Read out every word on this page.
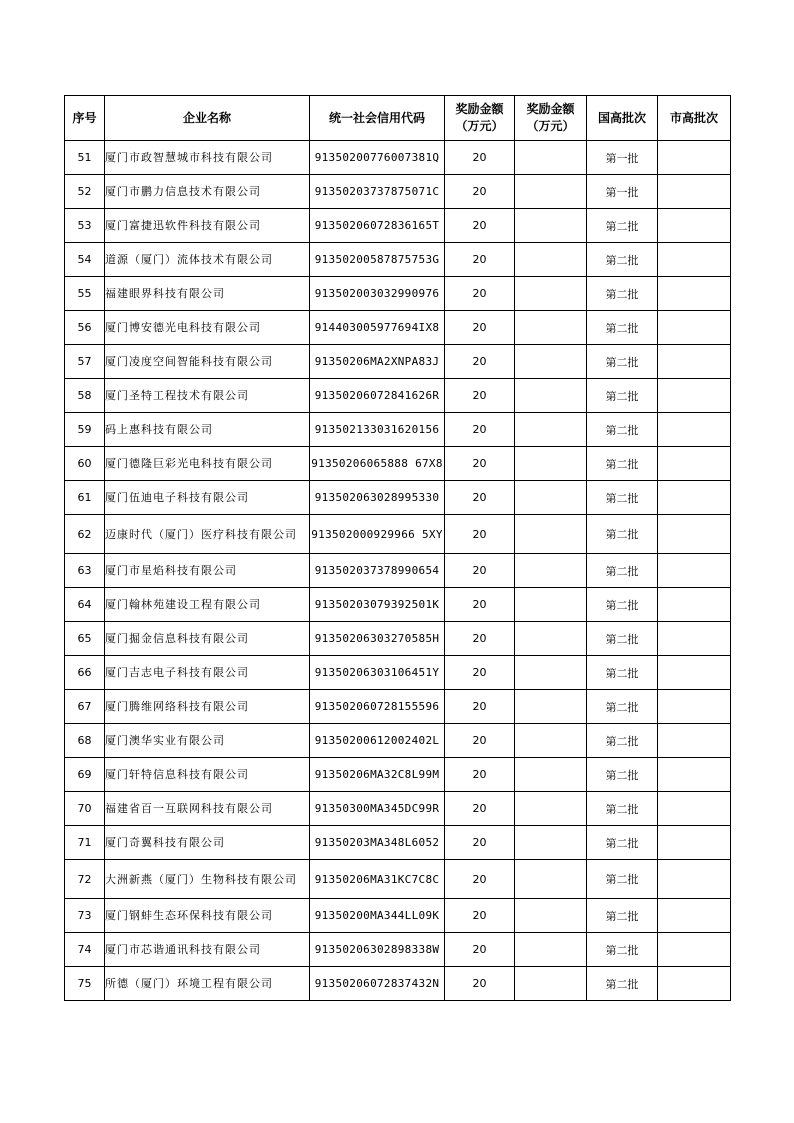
序号	企业名称	统一社会信用代码	奖励金额（万元）	奖励金额（万元）	国高批次	市高批次
51	厦门市政智慧城市科技有限公司	91350200776007381Q	20		第一批	
52	厦门市鹏力信息技术有限公司	91350203737875071C	20		第一批	
53	厦门富捷迅软件科技有限公司	91350206072836165T	20		第二批	
54	道源（厦门）流体技术有限公司	91350200587875753G	20		第二批	
55	福建眼界科技有限公司	913502003032990976	20		第二批	
56	厦门博安德光电科技有限公司	914403005977694IX8	20		第二批	
57	厦门凌度空间智能科技有限公司	91350206MA2XNPA83J	20		第二批	
58	厦门圣特工程技术有限公司	91350206072841626R	20		第二批	
59	码上惠科技有限公司	913502133031620156	20		第二批	
60	厦门德隆巨彩光电科技有限公司	91350206065888 67X8	20		第二批	
61	厦门伍迪电子科技有限公司	913502063028995330	20		第二批	
62	迈康时代（厦门）医疗科技有限公司	913502000929966 5XY	20		第二批	
63	厦门市星焰科技有限公司	913502037378990654	20		第二批	
64	厦门翰林苑建设工程有限公司	91350203079392501K	20		第二批	
65	厦门掘金信息科技有限公司	91350206303270585H	20		第二批	
66	厦门吉志电子科技有限公司	91350206303106451Y	20		第二批	
67	厦门腾维网络科技有限公司	913502060728155596	20		第二批	
68	厦门澳华实业有限公司	91350200612002402L	20		第二批	
69	厦门轩特信息科技有限公司	91350206MA32C8L99M	20		第二批	
70	福建省百一互联网科技有限公司	91350300MA345DC99R	20		第二批	
71	厦门奇翼科技有限公司	91350203MA348L6052	20		第二批	
72	大洲新燕（厦门）生物科技有限公司	91350206MA31KC7C8C	20		第二批	
73	厦门钢蚌生态环保科技有限公司	91350200MA344LL09K	20		第二批	
74	厦门市芯谐通讯科技有限公司	91350206302898338W	20		第二批	
75	所德（厦门）环境工程有限公司	91350206072837432N	20		第二批	
